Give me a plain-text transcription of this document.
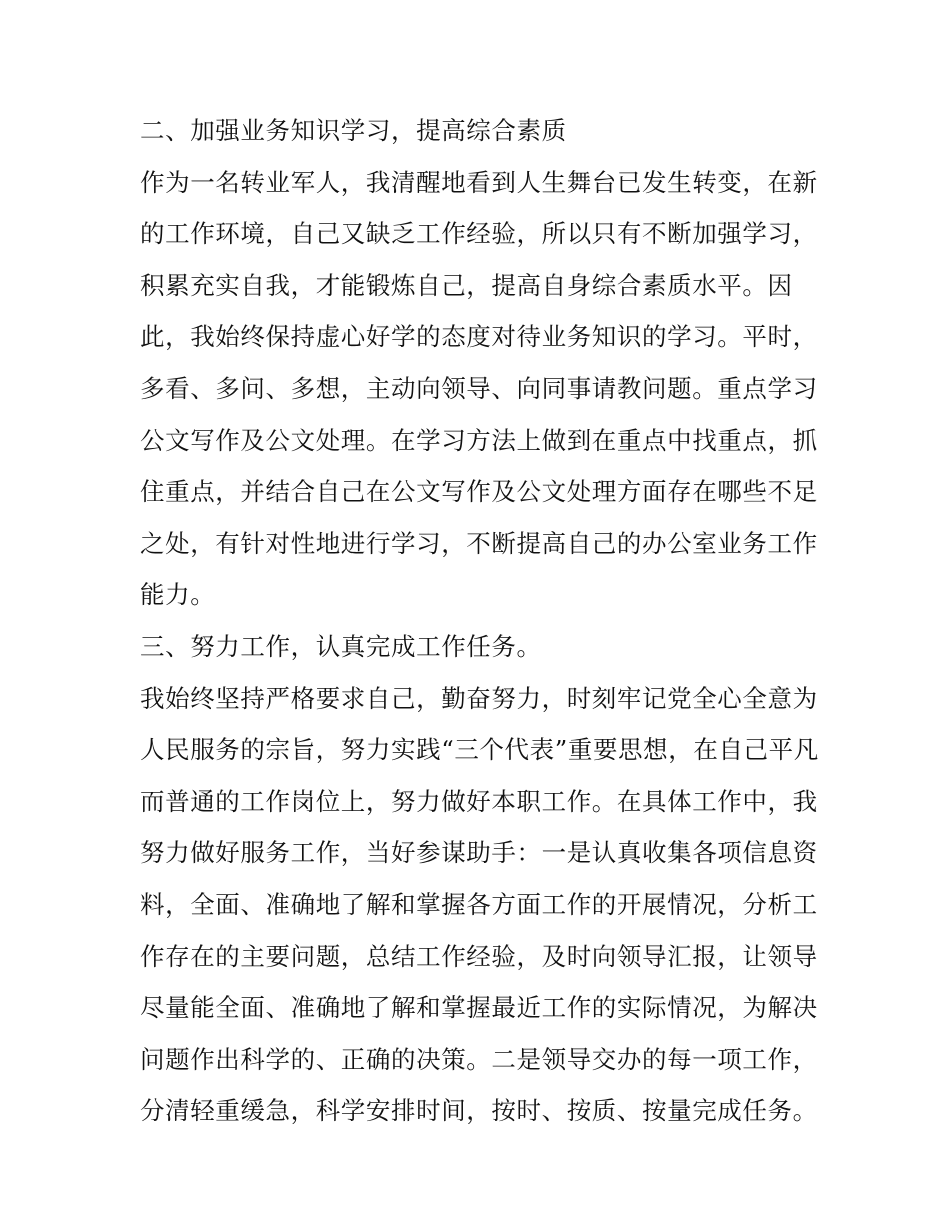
二、加强业务知识学习，提高综合素质
作为一名转业军人，我清醒地看到人生舞台已发生转变，在新
的工作环境，自己又缺乏工作经验，所以只有不断加强学习，
积累充实自我，才能锻炼自己，提高自身综合素质水平。因
此，我始终保持虚心好学的态度对待业务知识的学习。平时，
多看、多问、多想，主动向领导、向同事请教问题。重点学习
公文写作及公文处理。在学习方法上做到在重点中找重点，抓
住重点，并结合自己在公文写作及公文处理方面存在哪些不足
之处，有针对性地进行学习，不断提高自己的办公室业务工作
能力。
三、努力工作，认真完成工作任务。
我始终坚持严格要求自己，勤奋努力，时刻牢记党全心全意为
人民服务的宗旨，努力实践“三个代表”重要思想，在自己平凡
而普通的工作岗位上，努力做好本职工作。在具体工作中，我
努力做好服务工作，当好参谋助手：一是认真收集各项信息资
料，全面、准确地了解和掌握各方面工作的开展情况，分析工
作存在的主要问题，总结工作经验，及时向领导汇报，让领导
尽量能全面、准确地了解和掌握最近工作的实际情况，为解决
问题作出科学的、正确的决策。二是领导交办的每一项工作，
分清轻重缓急，科学安排时间，按时、按质、按量完成任务。
